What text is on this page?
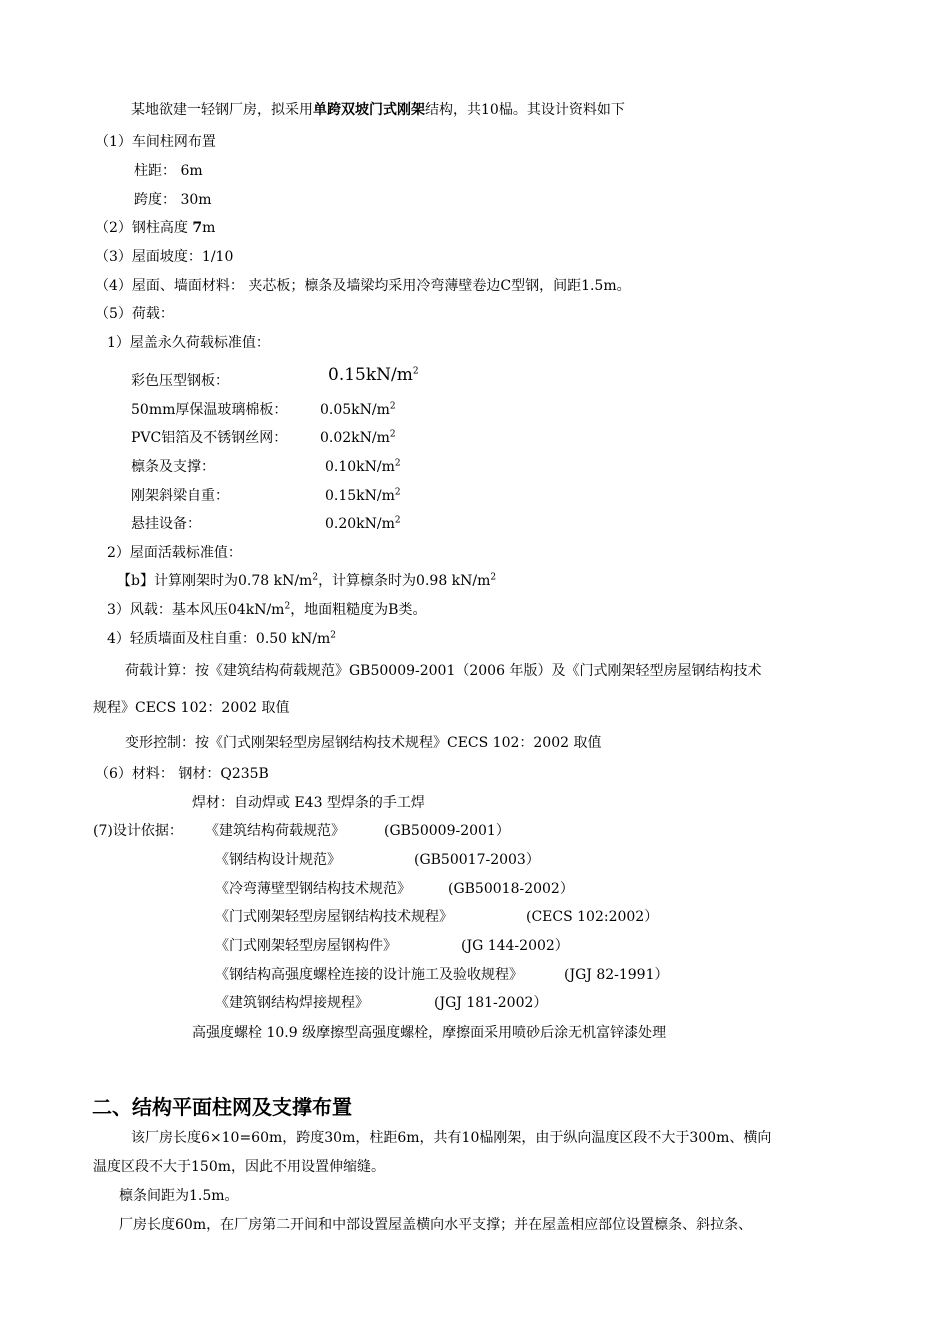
某地欲建一轻钢厂房，拟采用单跨双坡门式刚架结构，共10榀。其设计资料如下
（1）车间柱网布置
柱距： 6m
跨度： 30m
（2）钢柱高度 7m
（3）屋面坡度：1/10
（4）屋面、墙面材料： 夹芯板；檩条及墙梁均采用冷弯薄壁卷边C型钢，间距1.5m。
（5）荷载：
1）屋盖永久荷载标准值：
彩色压型钢板：	$0.15kN/m^2$
50mm厚保温玻璃棉板： $0.05kN/m^2$
PVC铝箔及不锈钢丝网： $0.02kN/m^2$
檩条及支撑：	$0.10kN/m^2$
刚架斜梁自重：	$0.15kN/m^2$
悬挂设备：	$0.20kN/m^2$
2）屋面活载标准值：
【b】计算刚架时为0.78 $kN/m^2$，计算檩条时为0.98 $kN/m^2$
3）风载：基本风压$04kN/m^2$，地面粗糙度为B类。
4）轻质墙面及柱自重：0.50 $kN/m^2$
荷载计算：按《建筑结构荷载规范》GB50009-2001（2006 年版）及《门式刚架轻型房屋钢结构技术
规程》CECS 102：2002 取值
变形控制：按《门式刚架轻型房屋钢结构技术规程》CECS 102：2002 取值
（6）材料： 钢材：Q235B
焊材：自动焊或 E43 型焊条的手工焊
(7)设计依据： 《建筑结构荷载规范》	(GB50009-2001）
《钢结构设计规范》	(GB50017-2003）
《冷弯薄壁型钢结构技术规范》	(GB50018-2002）
《门式刚架轻型房屋钢结构技术规程》	(CECS 102:2002）
《门式刚架轻型房屋钢构件》	(JG 144-2002）
《钢结构高强度螺栓连接的设计施工及验收规程》	(JGJ 82-1991）
《建筑钢结构焊接规程》	(JGJ 181-2002）
高强度螺栓 10.9 级摩擦型高强度螺栓，摩擦面采用喷砂后涂无机富锌漆处理
二、结构平面柱网及支撑布置
该厂房长度6×10=60m，跨度30m，柱距6m，共有10榀刚架，由于纵向温度区段不大于300m、横向
温度区段不大于150m，因此不用设置伸缩缝。
檩条间距为1.5m。
厂房长度60m，在厂房第二开间和中部设置屋盖横向水平支撑；并在屋盖相应部位设置檩条、斜拉条、
